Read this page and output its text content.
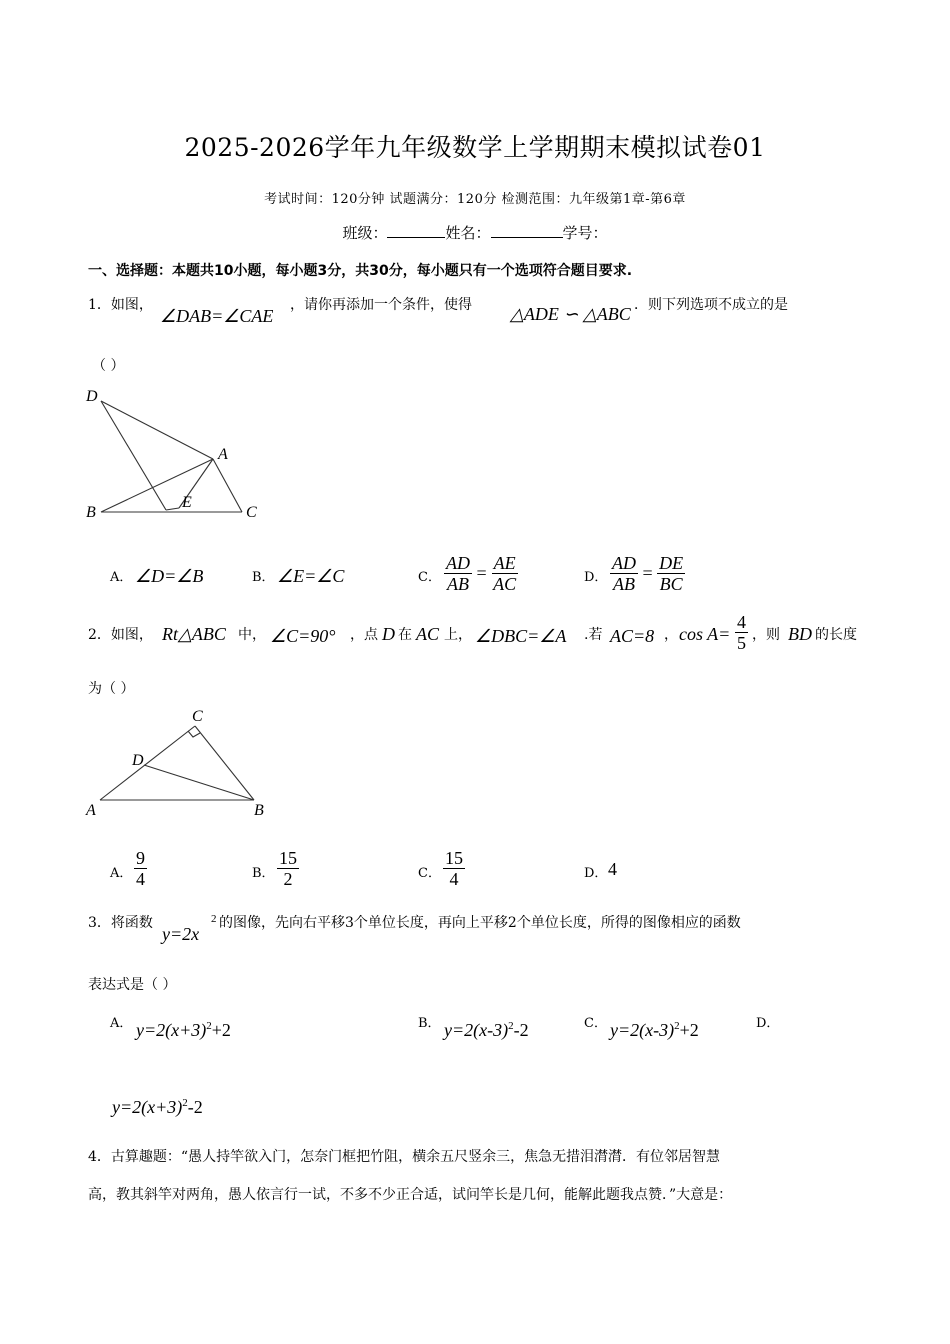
2025-2026学年九年级数学上学期期末模拟试卷01
考试时间：120分钟 试题满分：120分 检测范围：九年级第1章-第6章
班级：	姓名：	学号：
一、选择题：本题共10小题，每小题3分，共30分，每小题只有一个选项符合题目要求.
1．如图，
∠DAB=∠CAE
，请你再添加一个条件，使得 △ADE ∽ △ABC ．则下列选项不成立的是
（ ）
D
A
B
E
C
A． ∠D=∠B	B． ∠E=∠C	C． $\frac{AD}{AB} = \frac{AE}{AC}$	D． $\frac{AD}{AB} = \frac{DE}{BC}$
2．如图， Rt△ABC 中， ∠C=90° ，点 D 在 AC 上， ∠DBC=∠A .若 AC=8 ， $\cos A= \frac{4}{5}$ ，则 BD 的长度
为（ ）
C
D
A	B
A． $\frac{9}{4}$	B． $\frac{15}{2}$	C． $\frac{15}{4}$	D． 4
3．将函数
y=2x
2 的图像，先向右平移3个单位长度，再向上平移2个单位长度，所得的图像相应的函数
表达式是（ ）
A． $y=2(x+3)^2+2$	B． $y=2(x-3)^2-2$	C． $y=2(x-3)^2+2$	D．
$y=2(x+3)^2-2$
4．古算趣题：“愚人持竿欲入门，怎奈门框把竹阻，横余五尺竖余三，焦急无措泪潸潸．有位邻居智慧
高，教其斜竿对两角，愚人依言行一试，不多不少正合适，试问竿长是几何，能解此题我点赞．”大意是：
